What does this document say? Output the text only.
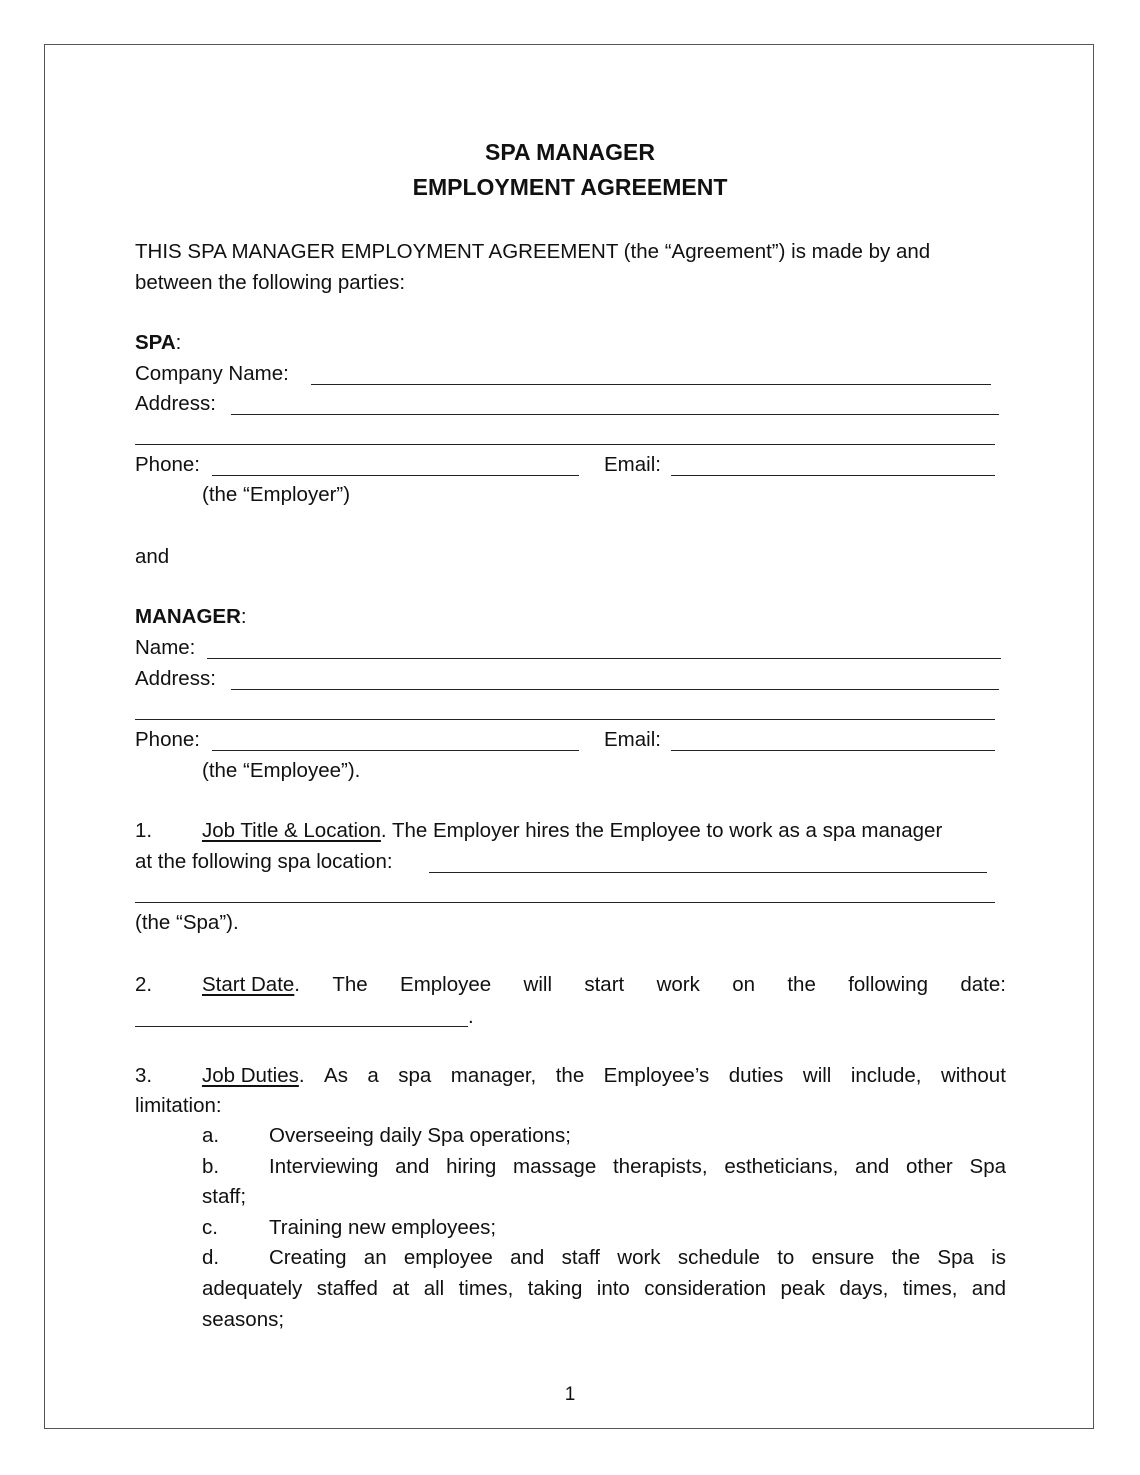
SPA MANAGER
EMPLOYMENT AGREEMENT
THIS SPA MANAGER EMPLOYMENT AGREEMENT (the “Agreement”) is made by and
between the following parties:
SPA:
Company Name:
Address:
Phone:	Email:
(the “Employer”)
and
MANAGER:
Name:
Address:
Phone:	Email:
(the “Employee”).
1. Job Title & Location. The Employer hires the Employee to work as a spa manager
at the following spa location:
(the “Spa”).
2. Start Date. The Employee will start work on the following date:
.
3. Job Duties. As a spa manager, the Employee’s duties will include, without
limitation:
a. Overseeing daily Spa operations;
b. Interviewing and hiring massage therapists, estheticians, and other Spa
staff;
c. Training new employees;
d. Creating an employee and staff work schedule to ensure the Spa is
adequately staffed at all times, taking into consideration peak days, times, and
seasons;
1
